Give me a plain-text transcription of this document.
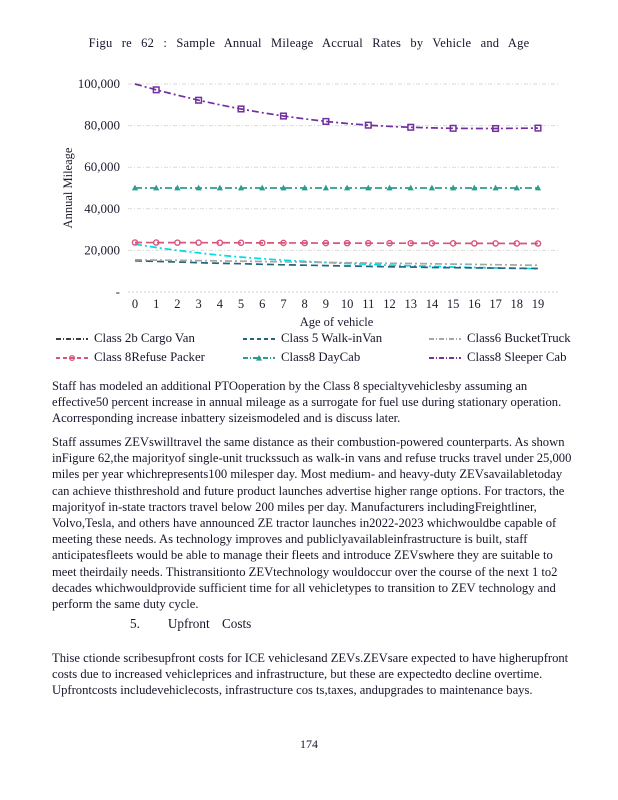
Figu re 62 : Sample Annual Mileage Accrual Rates by Vehicle and Age
-
20,000
40,000
60,000
80,000
100,000
0 1 2 3 4 5 6 7 8 9 10 11 12 13 14 15 16 17 18 19
Age of vehicle
Annual Mileage
Class 2b Cargo Van	Class 5 Walk-inVan	Class6 BucketTruck
Class 8Refuse Packer	Class8 DayCab	Class8 Sleeper Cab

Staff has modeled an additional PTOoperation by the Class 8 specialtyvehiclesby assuming an effective50 percent increase in annual mileage as a surrogate for fuel use during stationary operation. Acorresponding increase inbattery sizeismodeled and is discuss later.

Staff assumes ZEVswilltravel the same distance as their combustion-powered counterparts. As shown inFigure 62,the majorityof single-unit truckssuch as walk-in vans and refuse trucks travel under 25,000 miles per year whichrepresents100 milesper day. Most medium- and heavy-duty ZEVsavailabletoday can achieve thisthreshold and future product launches advertise higher range options. For tractors, the majorityof in-state tractors travel below 200 miles per day. Manufacturers includingFreightliner, Volvo,Tesla, and others have announced ZE tractor launches in2022-2023 whichwouldbe capable of meeting these needs. As technology improves and publiclyavailableinfrastructure is built, staff anticipatesfleets would be able to manage their fleets and introduce ZEVswhere they are suitable to meet theirdaily needs. Thistransitionto ZEVtechnology wouldoccur over the course of the next 1 to2 decades whichwouldprovide sufficient time for all vehicletypes to transition to ZEV technology and perform the same duty cycle.

5. Upfront Costs

Thise ctionde scribesupfront costs for ICE vehiclesand ZEVs.ZEVsare expected to have higherupfront costs due to increased vehicleprices and infrastructure, but these are expectedto decline overtime. Upfrontcosts includevehiclecosts, infrastructure cos ts,taxes, andupgrades to maintenance bays.

174
